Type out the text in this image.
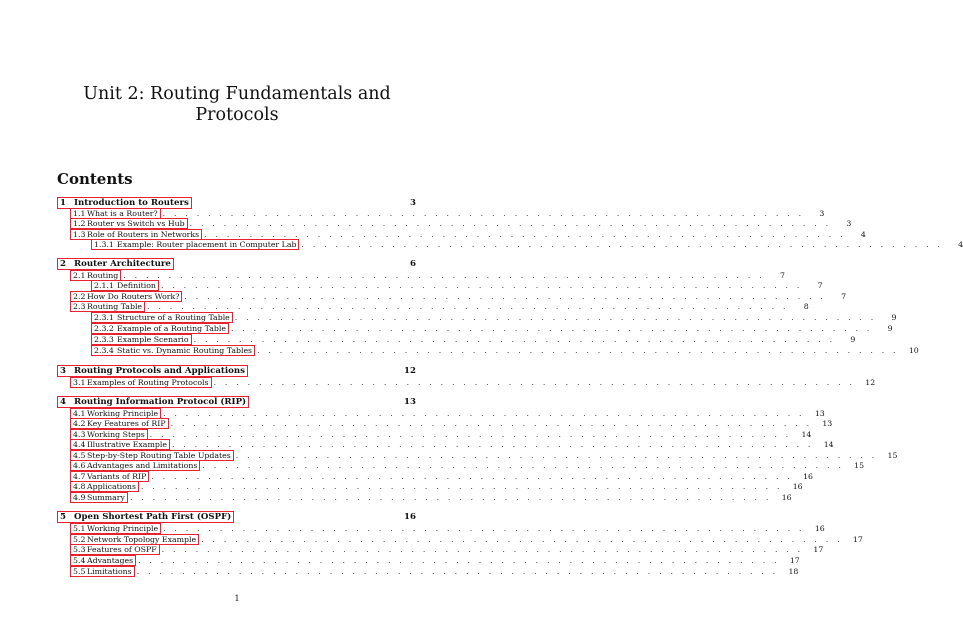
Unit 2: Routing Fundamentals and
Protocols
Contents
1 Introduction to Routers	3
1.1 What is a Router? . . . . . . . . . . . . . . . . . . . . . . . . . . . . . . . . . . . . . . . . . . . . . . . . . . . . . . . . .	3
1.2 Router vs Switch vs Hub . . . . . . . . . . . . . . . . . . . . . . . . . . . . . . . . . . . . . . . . . . . . . . . . . . . . . . . . .	3
1.3 Role of Routers in Networks . . . . . . . . . . . . . . . . . . . . . . . . . . . . . . . . . . . . . . . . . . . . . . . . . . . . . . . . .	4
1.3.1 Example: Router placement in Computer Lab . . . . . . . . . . . . . . . . . . . . . . . . . . . . . . . . . . . . . . . . . . . . . . . . . . . . . . . . .	4
2 Router Architecture	6
2.1 Routing . . . . . . . . . . . . . . . . . . . . . . . . . . . . . . . . . . . . . . . . . . . . . . . . . . . . . . . . .	7
2.1.1 Definition . . . . . . . . . . . . . . . . . . . . . . . . . . . . . . . . . . . . . . . . . . . . . . . . . . . . . . . . .	7
2.2 How Do Routers Work? . . . . . . . . . . . . . . . . . . . . . . . . . . . . . . . . . . . . . . . . . . . . . . . . . . . . . . . . .	7
2.3 Routing Table . . . . . . . . . . . . . . . . . . . . . . . . . . . . . . . . . . . . . . . . . . . . . . . . . . . . . . . . .	8
2.3.1 Structure of a Routing Table . . . . . . . . . . . . . . . . . . . . . . . . . . . . . . . . . . . . . . . . . . . . . . . . . . . . . . . . .	9
2.3.2 Example of a Routing Table . . . . . . . . . . . . . . . . . . . . . . . . . . . . . . . . . . . . . . . . . . . . . . . . . . . . . . . . .	9
2.3.3 Example Scenario . . . . . . . . . . . . . . . . . . . . . . . . . . . . . . . . . . . . . . . . . . . . . . . . . . . . . . . . .	9
2.3.4 Static vs. Dynamic Routing Tables . . . . . . . . . . . . . . . . . . . . . . . . . . . . . . . . . . . . . . . . . . . . . . . . . . . . . . . . .	10
3 Routing Protocols and Applications	12
3.1 Examples of Routing Protocols . . . . . . . . . . . . . . . . . . . . . . . . . . . . . . . . . . . . . . . . . . . . . . . . . . . . . . . . .	12
4 Routing Information Protocol (RIP)	13
4.1 Working Principle . . . . . . . . . . . . . . . . . . . . . . . . . . . . . . . . . . . . . . . . . . . . . . . . . . . . . . . . .	13
4.2 Key Features of RIP . . . . . . . . . . . . . . . . . . . . . . . . . . . . . . . . . . . . . . . . . . . . . . . . . . . . . . . . .	13
4.3 Working Steps . . . . . . . . . . . . . . . . . . . . . . . . . . . . . . . . . . . . . . . . . . . . . . . . . . . . . . . . .	14
4.4 Illustrative Example . . . . . . . . . . . . . . . . . . . . . . . . . . . . . . . . . . . . . . . . . . . . . . . . . . . . . . . . .	14
4.5 Step-by-Step Routing Table Updates . . . . . . . . . . . . . . . . . . . . . . . . . . . . . . . . . . . . . . . . . . . . . . . . . . . . . . . . .	15
4.6 Advantages and Limitations . . . . . . . . . . . . . . . . . . . . . . . . . . . . . . . . . . . . . . . . . . . . . . . . . . . . . . . . .	15
4.7 Variants of RIP . . . . . . . . . . . . . . . . . . . . . . . . . . . . . . . . . . . . . . . . . . . . . . . . . . . . . . . . .	16
4.8 Applications . . . . . . . . . . . . . . . . . . . . . . . . . . . . . . . . . . . . . . . . . . . . . . . . . . . . . . . . .	16
4.9 Summary . . . . . . . . . . . . . . . . . . . . . . . . . . . . . . . . . . . . . . . . . . . . . . . . . . . . . . . . .	16
5 Open Shortest Path First (OSPF)	16
5.1 Working Principle . . . . . . . . . . . . . . . . . . . . . . . . . . . . . . . . . . . . . . . . . . . . . . . . . . . . . . . . .	16
5.2 Network Topology Example . . . . . . . . . . . . . . . . . . . . . . . . . . . . . . . . . . . . . . . . . . . . . . . . . . . . . . . . .	17
5.3 Features of OSPF . . . . . . . . . . . . . . . . . . . . . . . . . . . . . . . . . . . . . . . . . . . . . . . . . . . . . . . . .	17
5.4 Advantages . . . . . . . . . . . . . . . . . . . . . . . . . . . . . . . . . . . . . . . . . . . . . . . . . . . . . . . . .	17
5.5 Limitations . . . . . . . . . . . . . . . . . . . . . . . . . . . . . . . . . . . . . . . . . . . . . . . . . . . . . . . . .	18
1
